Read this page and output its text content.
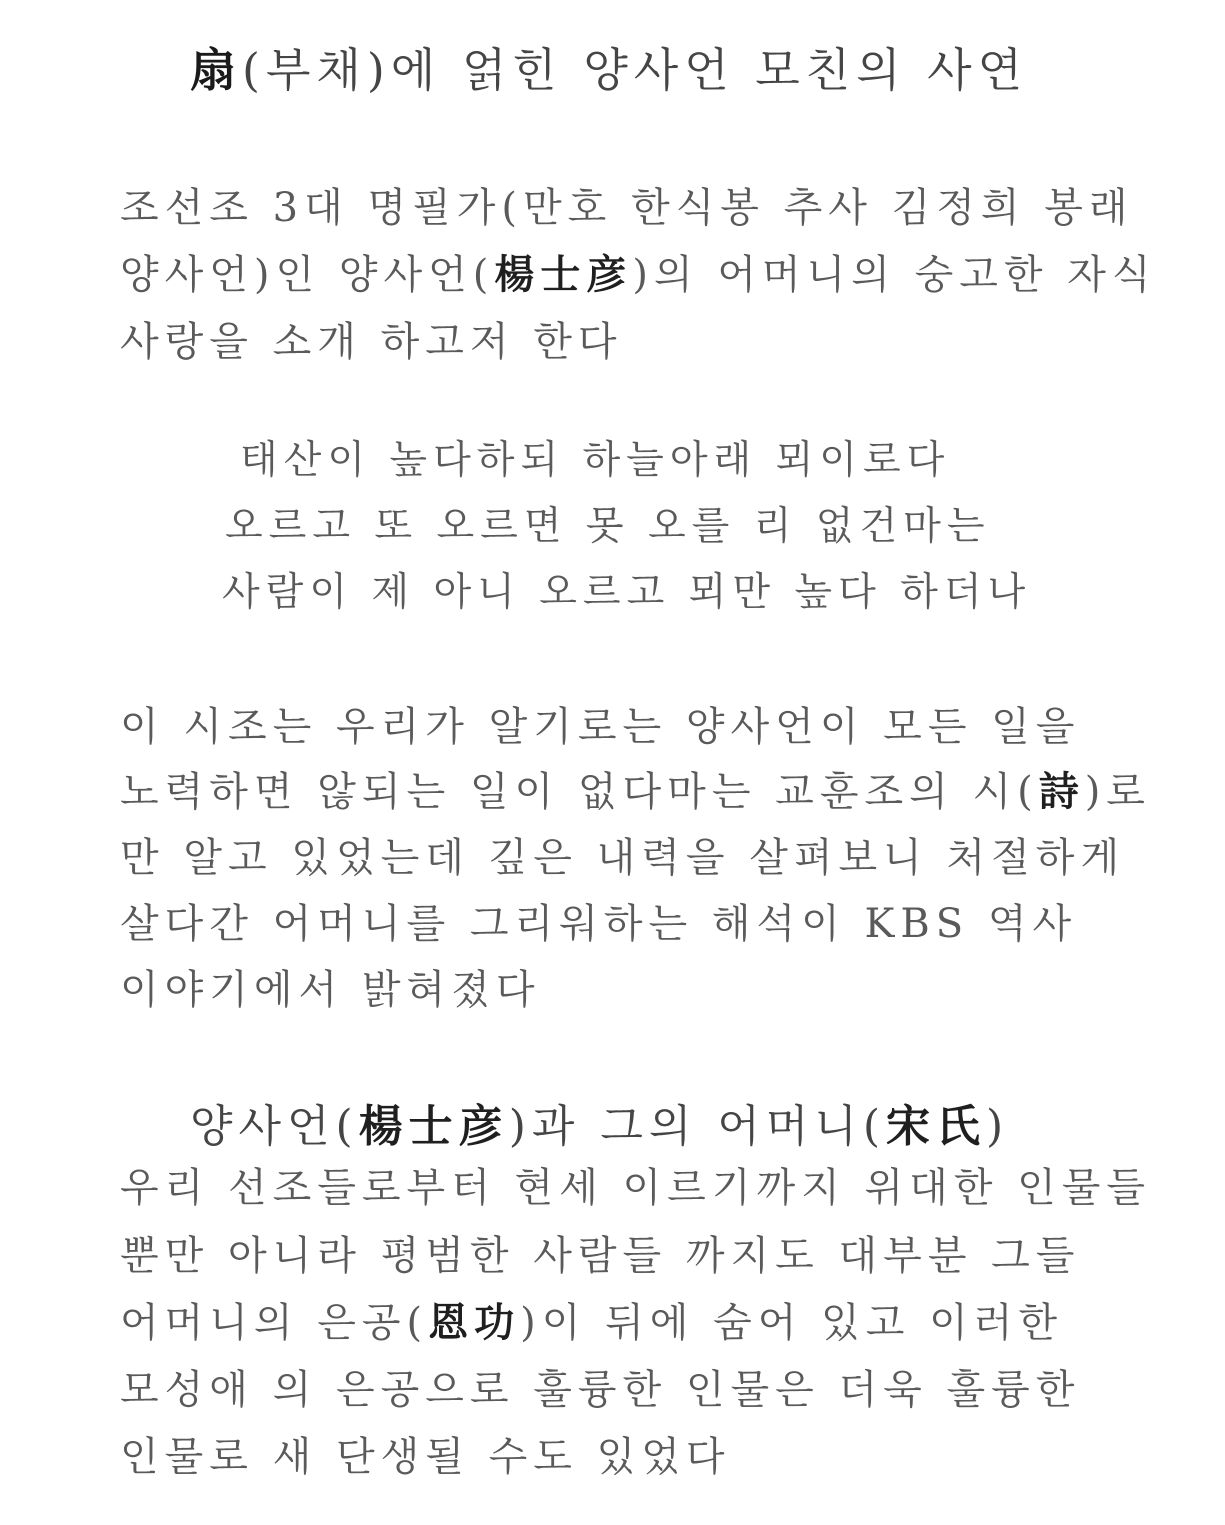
扇(부채)에 얽힌 양사언 모친의 사연
조선조 3대 명필가(만호 한식봉 추사 김정희 봉래
양사언)인 양사언(楊士彦)의 어머니의 숭고한 자식
사랑을 소개 하고저 한다
태산이 높다하되 하늘아래 뫼이로다
오르고 또 오르면 못 오를 리 없건마는
사람이 제 아니 오르고 뫼만 높다 하더나
이 시조는 우리가 알기로는 양사언이 모든 일을
노력하면 않되는 일이 없다마는 교훈조의 시(詩)로
만 알고 있었는데 깊은 내력을 살펴보니 처절하게
살다간 어머니를 그리워하는 해석이 KBS 역사
이야기에서 밝혀졌다
양사언(楊士彦)과 그의 어머니(宋氏)
우리 선조들로부터 현세 이르기까지 위대한 인물들
뿐만 아니라 평범한 사람들 까지도 대부분 그들
어머니의 은공(恩功)이 뒤에 숨어 있고 이러한
모성애 의 은공으로 훌륭한 인물은 더욱 훌륭한
인물로 새 단생될 수도 있었다
